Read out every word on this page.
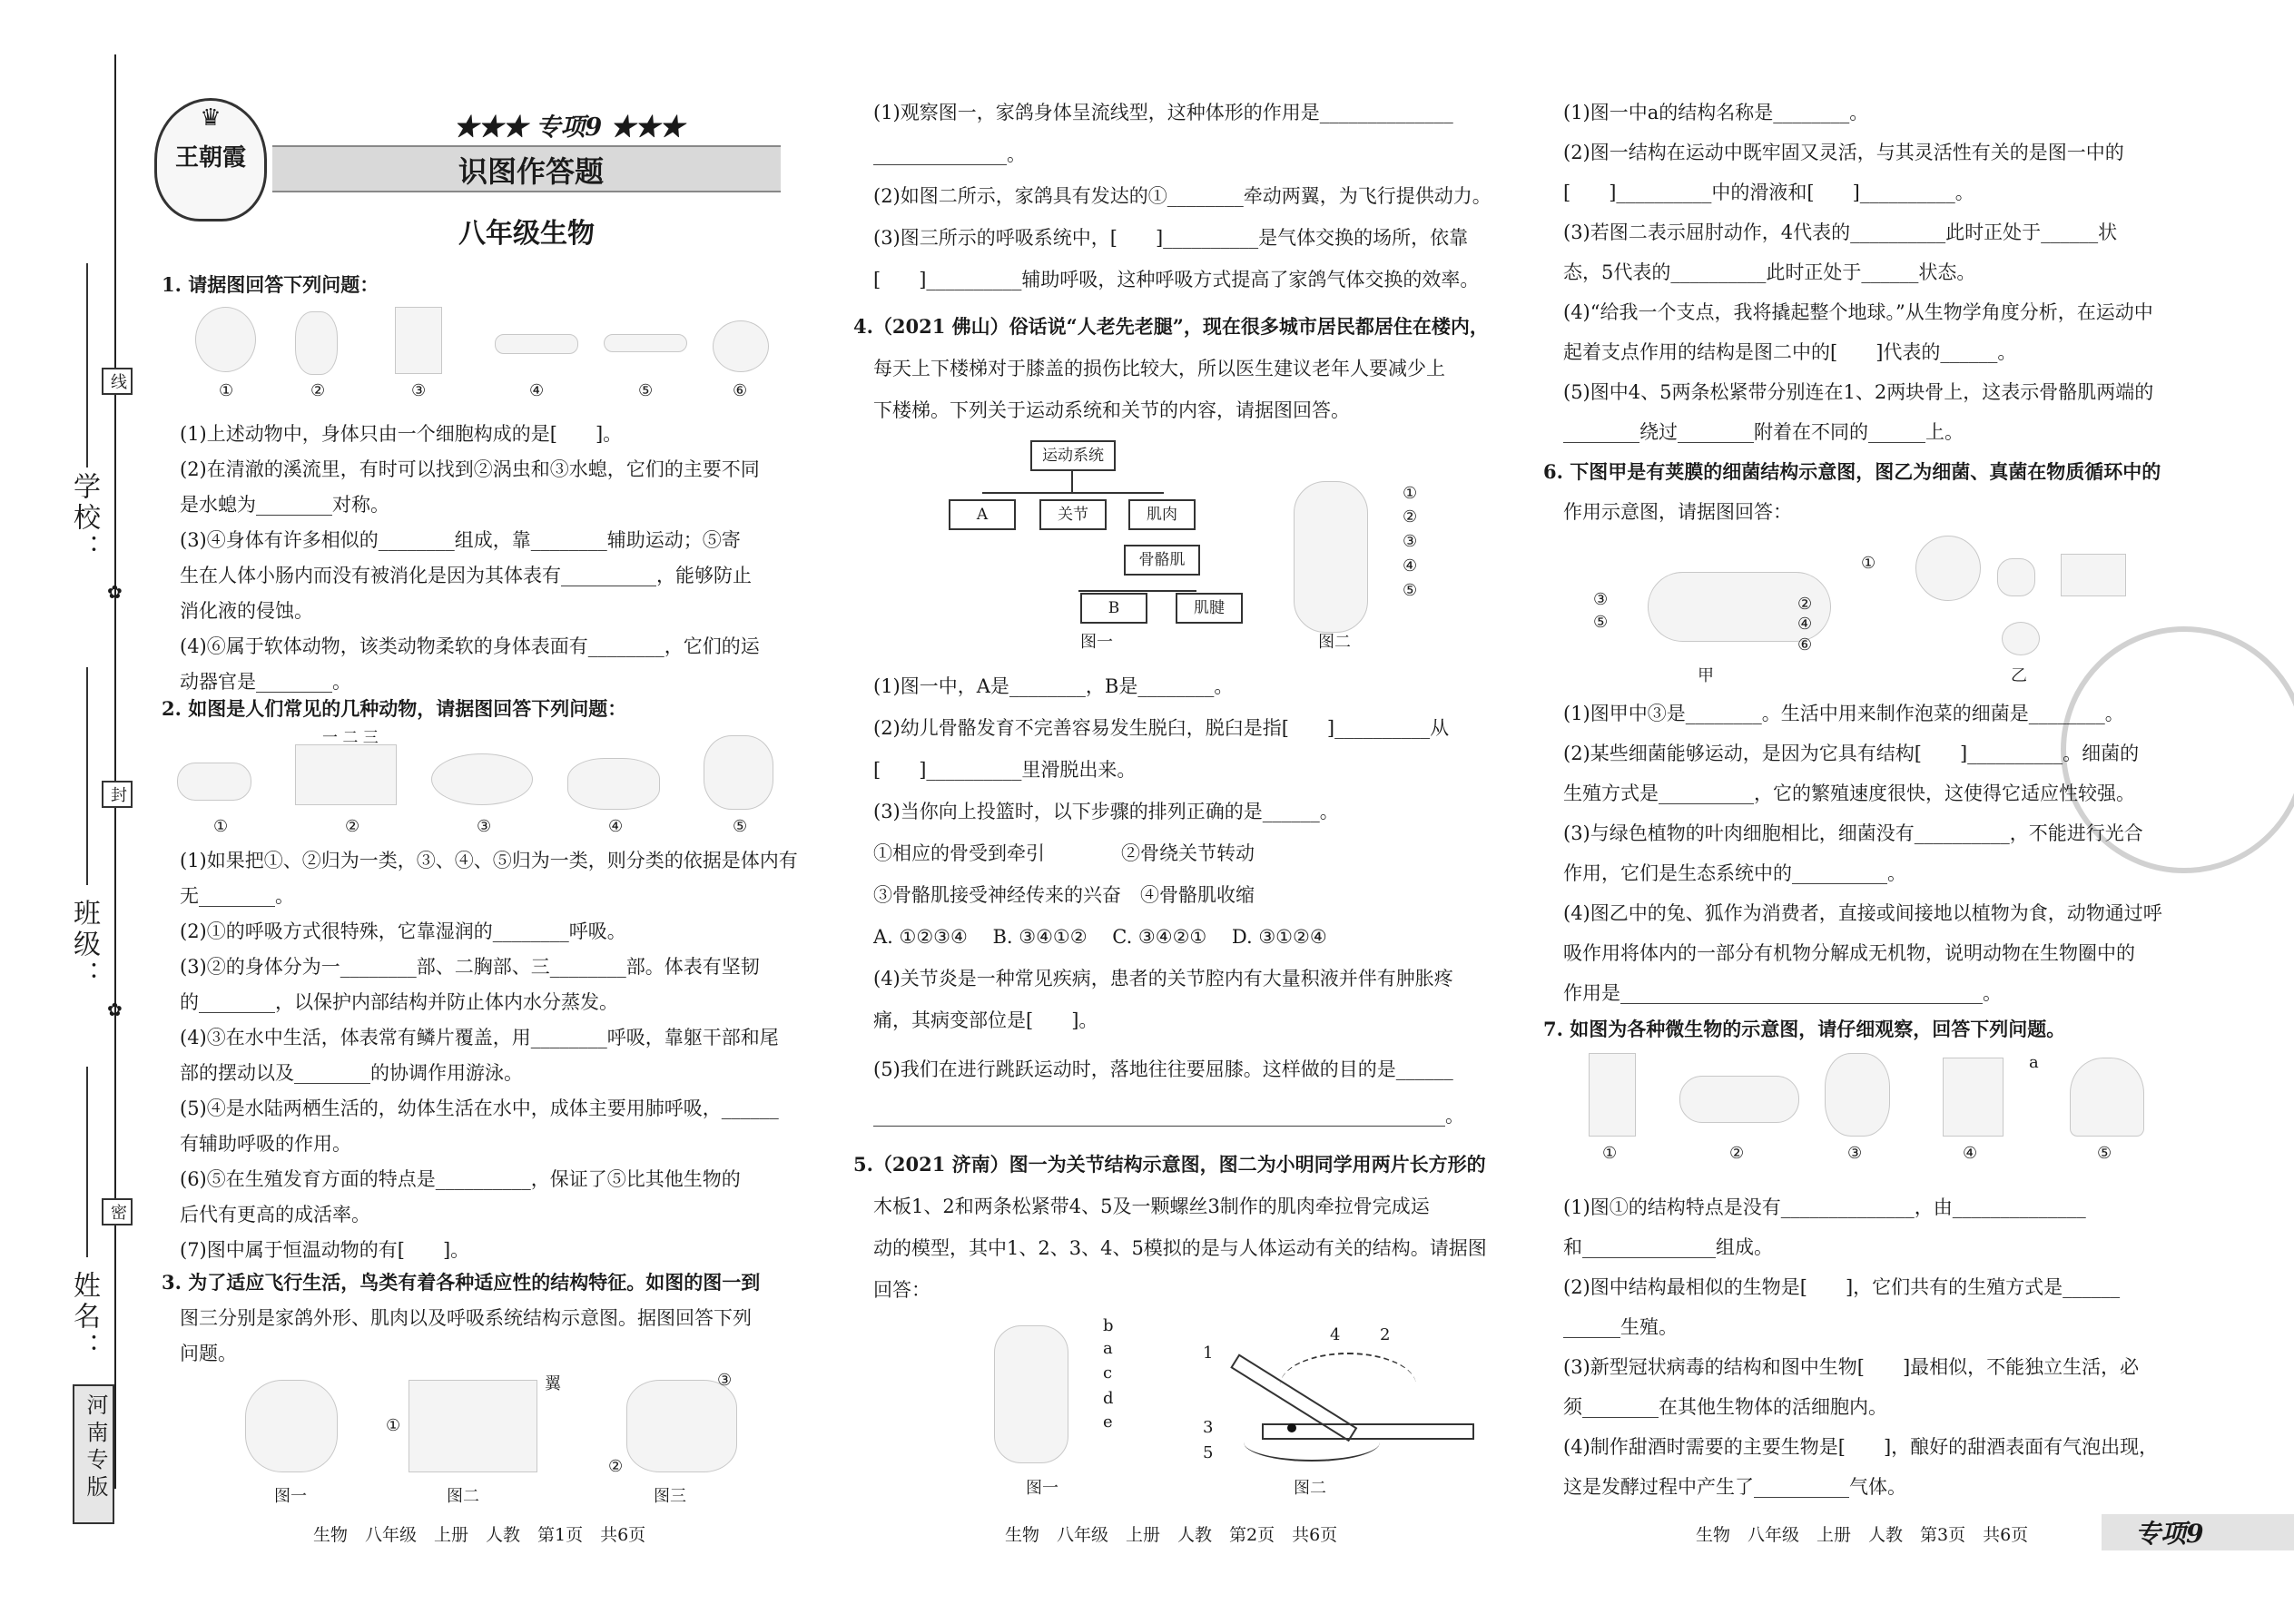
线
封
密
✿
✿
学校：
班级：
姓名：
河南专版
♛
王朝霞
★★★ 专项9 ★★★
识图作答题
八年级生物
1. 请据图回答下列问题：
①	②	③	④	⑤	⑥
(1)上述动物中，身体只由一个细胞构成的是[　　]。
(2)在清澈的溪流里，有时可以找到②涡虫和③水螅，它们的主要不同
是水螅为________对称。
(3)④身体有许多相似的________组成，靠________辅助运动；⑤寄
生在人体小肠内而没有被消化是因为其体表有__________，能够防止
消化液的侵蚀。
(4)⑥属于软体动物，该类动物柔软的身体表面有________，它们的运
动器官是________。
2. 如图是人们常见的几种动物，请据图回答下列问题：
一 二 三
①	②	③	④	⑤
(1)如果把①、②归为一类，③、④、⑤归为一类，则分类的依据是体内有
无________。
(2)①的呼吸方式很特殊，它靠湿润的________呼吸。
(3)②的身体分为一________部、二胸部、三________部。体表有坚韧
的________，以保护内部结构并防止体内水分蒸发。
(4)③在水中生活，体表常有鳞片覆盖，用________呼吸，靠躯干部和尾
部的摆动以及________的协调作用游泳。
(5)④是水陆两栖生活的，幼体生活在水中，成体主要用肺呼吸，______
有辅助呼吸的作用。
(6)⑤在生殖发育方面的特点是__________，保证了⑤比其他生物的
后代有更高的成活率。
(7)图中属于恒温动物的有[　　]。
3. 为了适应飞行生活，鸟类有着各种适应性的结构特征。如图的图一到
图三分别是家鸽外形、肌肉以及呼吸系统结构示意图。据图回答下列
问题。
翼
①
③
②
图一	图二	图三
(1)观察图一，家鸽身体呈流线型，这种体形的作用是______________
______________。
(2)如图二所示，家鸽具有发达的①________牵动两翼，为飞行提供动力。
(3)图三所示的呼吸系统中，[　　]__________是气体交换的场所，依靠
[　　]__________辅助呼吸，这种呼吸方式提高了家鸽气体交换的效率。
4.（2021 佛山）俗话说“人老先老腿”，现在很多城市居民都居住在楼内，
每天上下楼梯对于膝盖的损伤比较大，所以医生建议老年人要减少上
下楼梯。下列关于运动系统和关节的内容，请据图回答。
运动系统
A	关节	肌肉
骨骼肌
B	肌腱
图一
①
②
③
④
⑤
图二
(1)图一中，A是________，B是________。
(2)幼儿骨骼发育不完善容易发生脱臼，脱臼是指[　　]__________从
[　　]__________里滑脱出来。
(3)当你向上投篮时，以下步骤的排列正确的是______。
①相应的骨受到牵引　　　　②骨绕关节转动
③骨骼肌接受神经传来的兴奋　④骨骼肌收缩
A. ①②③④　 B. ③④①②　 C. ③④②①　 D. ③①②④
(4)关节炎是一种常见疾病，患者的关节腔内有大量积液并伴有肿胀疼
痛，其病变部位是[　　]。
(5)我们在进行跳跃运动时，落地往往要屈膝。这样做的目的是______
____________________________________________________________。
5.（2021 济南）图一为关节结构示意图，图二为小明同学用两片长方形的
木板1、2和两条松紧带4、5及一颗螺丝3制作的肌肉牵拉骨完成运
动的模型，其中1、2、3、4、5模拟的是与人体运动有关的结构。请据图
回答：
b
a
c
d
e
图一
1
4 2
3
5
图二
(1)图一中a的结构名称是________。
(2)图一结构在运动中既牢固又灵活，与其灵活性有关的是图一中的
[　　]__________中的滑液和[　　]__________。
(3)若图二表示屈肘动作，4代表的__________此时正处于______状
态，5代表的__________此时正处于______状态。
(4)“给我一个支点，我将撬起整个地球。”从生物学角度分析，在运动中
起着支点作用的结构是图二中的[　　]代表的______。
(5)图中4、5两条松紧带分别连在1、2两块骨上，这表示骨骼肌两端的
________绕过________附着在不同的______上。
6. 下图甲是有荚膜的细菌结构示意图，图乙为细菌、真菌在物质循环中的
作用示意图，请据图回答：
①
②
③
④
⑤
⑥
甲	乙
(1)图甲中③是________。生活中用来制作泡菜的细菌是________。
(2)某些细菌能够运动，是因为它具有结构[　　]__________。细菌的
生殖方式是__________，它的繁殖速度很快，这使得它适应性较强。
(3)与绿色植物的叶肉细胞相比，细菌没有__________，不能进行光合
作用，它们是生态系统中的__________。
(4)图乙中的兔、狐作为消费者，直接或间接地以植物为食，动物通过呼
吸作用将体内的一部分有机物分解成无机物，说明动物在生物圈中的
作用是______________________________________。
7. 如图为各种微生物的示意图，请仔细观察，回答下列问题。
a
①	②	③	④	⑤
(1)图①的结构特点是没有______________，由______________
和______________组成。
(2)图中结构最相似的生物是[　　]，它们共有的生殖方式是______
______生殖。
(3)新型冠状病毒的结构和图中生物[　　]最相似，不能独立生活，必
须________在其他生物体的活细胞内。
(4)制作甜酒时需要的主要生物是[　　]，酿好的甜酒表面有气泡出现，
这是发酵过程中产生了__________气体。
生物　八年级　上册　人教　第1页　共6页	生物　八年级　上册　人教　第2页　共6页	生物　八年级　上册　人教　第3页　共6页	专项9
